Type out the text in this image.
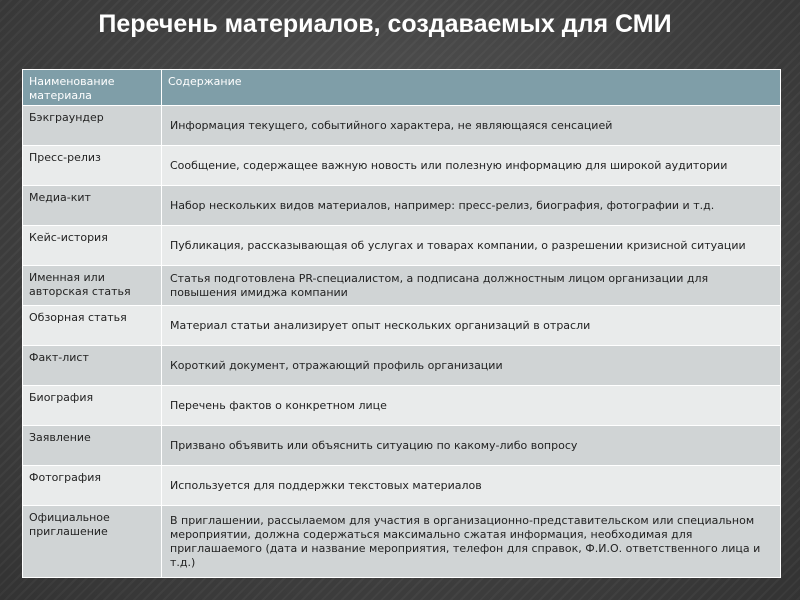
Перечень материалов, создаваемых для СМИ
Наименование материала	Содержание
Бэкграундер	Информация текущего, событийного характера, не являющаяся сенсацией
Пресс-релиз	Сообщение, содержащее важную новость или полезную информацию для широкой аудитории
Медиа-кит	Набор нескольких видов материалов, например: пресс-релиз, биография, фотографии и т.д.
Кейс-история	Публикация, рассказывающая об услугах и товарах компании, о разрешении кризисной ситуации
Именная или авторская статья	Статья подготовлена PR-специалистом, а подписана должностным лицом организации для повышения имиджа компании
Обзорная статья	Материал статьи анализирует опыт нескольких организаций в отрасли
Факт-лист	Короткий документ, отражающий профиль организации
Биография	Перечень фактов о конкретном лице
Заявление	Призвано объявить или объяснить ситуацию по какому-либо вопросу
Фотография	Используется для поддержки текстовых материалов
Официальное приглашение	В приглашении, рассылаемом для участия в организационно-представительском или специальном мероприятии, должна содержаться максимально сжатая информация, необходимая для приглашаемого (дата и название мероприятия, телефон для справок, Ф.И.О. ответственного лица и т.д.)
